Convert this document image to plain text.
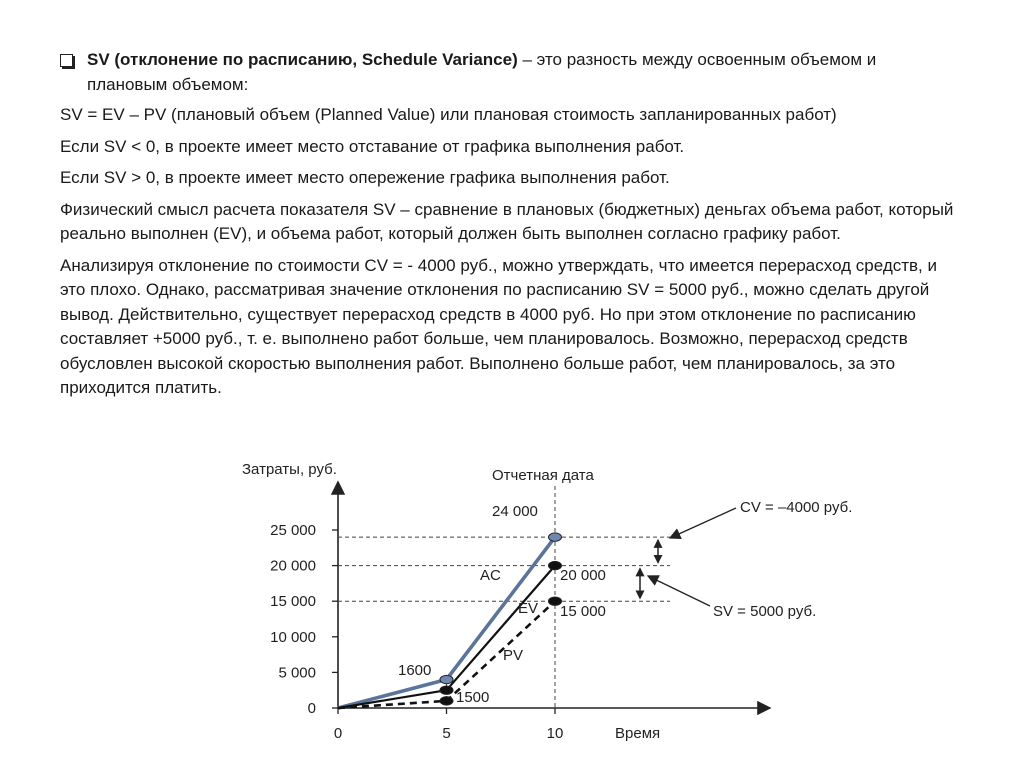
SV (отклонение по расписанию, Schedule Variance) – это разность между освоенным объемом и плановым объемом:

SV = EV – PV (плановый объем (Planned Value) или плановая стоимость запланированных работ)

Если SV < 0, в проекте имеет место отставание от графика выполнения работ.

Если SV > 0, в проекте имеет место опережение графика выполнения работ.

Физический смысл расчета показателя SV – сравнение в плановых (бюджетных) деньгах объема работ, который реально выполнен (EV), и объема работ, который должен быть выполнен согласно графику работ.

Анализируя отклонение по стоимости CV = - 4000 руб., можно утверждать, что имеется перерасход средств, и это плохо. Однако, рассматривая значение отклонения по расписанию SV = 5000 руб., можно сделать другой вывод. Действительно, существует перерасход средств в 4000 руб. Но при этом отклонение по расписанию составляет +5000 руб., т. е. выполнено работ больше, чем планировалось. Возможно, перерасход средств обусловлен высокой скоростью выполнения работ. Выполнено больше работ, чем планировалось, за это приходится платить.

0
5 000
10 000
15 000
20 000
25 000
0	5	10
AC
EV
PV
24 000
20 000
15 000
1600
1500
Затраты, руб.
Время
Отчетная дата
CV = –4000 руб.
SV = 5000 руб.
